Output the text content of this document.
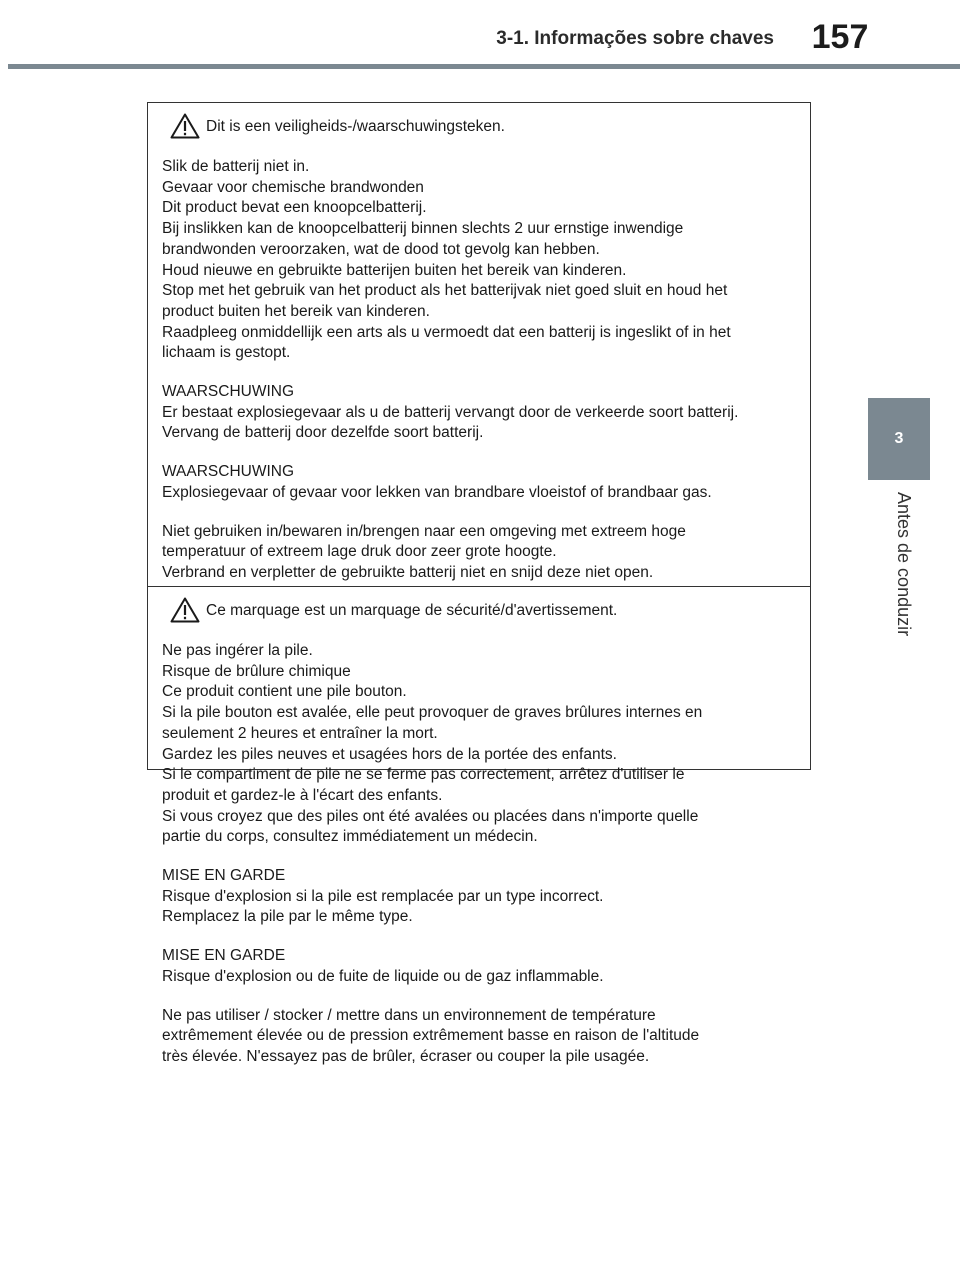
3-1. Informações sobre chaves	157
3
Antes de conduzir
Dit is een veiligheids-/waarschuwingsteken.

Slik de batterij niet in.

Gevaar voor chemische brandwonden

Dit product bevat een knoopcelbatterij.

Bij inslikken kan de knoopcelbatterij binnen slechts 2 uur ernstige inwendige

brandwonden veroorzaken, wat de dood tot gevolg kan hebben.

Houd nieuwe en gebruikte batterijen buiten het bereik van kinderen.

Stop met het gebruik van het product als het batterijvak niet goed sluit en houd het

product buiten het bereik van kinderen.

Raadpleeg onmiddellijk een arts als u vermoedt dat een batterij is ingeslikt of in het

lichaam is gestopt.

WAARSCHUWING

Er bestaat explosiegevaar als u de batterij vervangt door de verkeerde soort batterij.

Vervang de batterij door dezelfde soort batterij.

WAARSCHUWING

Explosiegevaar of gevaar voor lekken van brandbare vloeistof of brandbaar gas.

Niet gebruiken in/bewaren in/brengen naar een omgeving met extreem hoge

temperatuur of extreem lage druk door zeer grote hoogte.

Verbrand en verpletter de gebruikte batterij niet en snijd deze niet open.

Ce marquage est un marquage de sécurité/d'avertissement.

Ne pas ingérer la pile.

Risque de brûlure chimique

Ce produit contient une pile bouton.

Si la pile bouton est avalée, elle peut provoquer de graves brûlures internes en

seulement 2 heures et entraîner la mort.

Gardez les piles neuves et usagées hors de la portée des enfants.

Si le compartiment de pile ne se ferme pas correctement, arrêtez d'utiliser le

produit et gardez-le à l'écart des enfants.

Si vous croyez que des piles ont été avalées ou placées dans n'importe quelle

partie du corps, consultez immédiatement un médecin.

MISE EN GARDE

Risque d'explosion si la pile est remplacée par un type incorrect.

Remplacez la pile par le même type.

MISE EN GARDE

Risque d'explosion ou de fuite de liquide ou de gaz inflammable.

Ne pas utiliser / stocker / mettre dans un environnement de température

extrêmement élevée ou de pression extrêmement basse en raison de l'altitude

très élevée. N'essayez pas de brûler, écraser ou couper la pile usagée.
